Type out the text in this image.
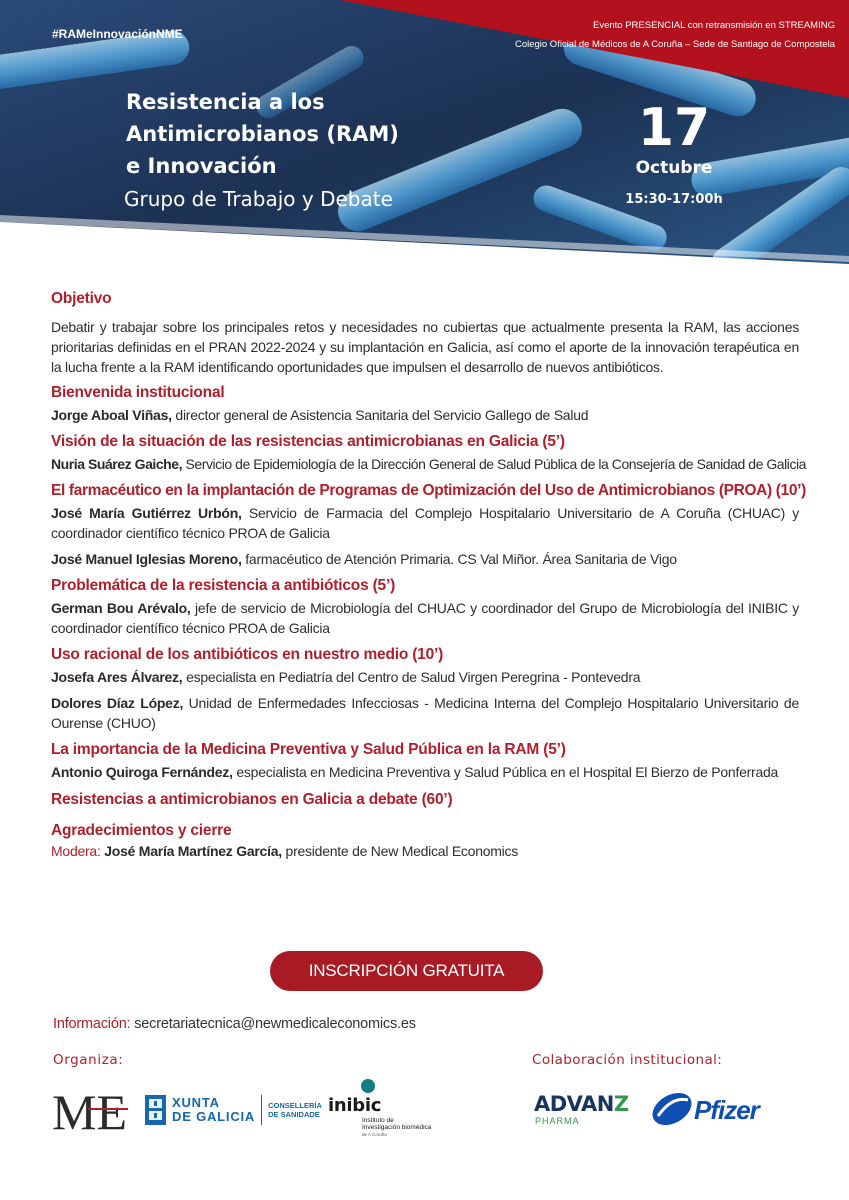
#RAMeInnovaciónNME
Evento PRESENCIAL con retransmisión en STREAMING
Colegio Oficial de Médicos de A Coruña – Sede de Santiago de Compostela
Resistencia a los
Antimicrobianos (RAM)
e Innovación
Grupo de Trabajo y Debate
17
Octubre
15:30-17:00h
Objetivo
Debatir y trabajar sobre los principales retos y necesidades no cubiertas que actualmente presenta la RAM, las acciones prioritarias definidas en el PRAN 2022-2024 y su implantación en Galicia, así como el aporte de la innovación terapéutica en la lucha frente a la RAM identificando oportunidades que impulsen el desarrollo de nuevos antibióticos.
Bienvenida institucional
Jorge Aboal Viñas, director general de Asistencia Sanitaria del Servicio Gallego de Salud
Visión de la situación de las resistencias antimicrobianas en Galicia (5’)
Nuria Suárez Gaiche, Servicio de Epidemiología de la Dirección General de Salud Pública de la Consejería de Sanidad de Galicia
El farmacéutico en la implantación de Programas de Optimización del Uso de Antimicrobianos (PROA) (10’)
José María Gutiérrez Urbón, Servicio de Farmacia del Complejo Hospitalario Universitario de A Coruña (CHUAC) y coordinador científico técnico PROA de Galicia
José Manuel Iglesias Moreno, farmacéutico de Atención Primaria. CS Val Miñor. Área Sanitaria de Vigo
Problemática de la resistencia a antibióticos (5’)
German Bou Arévalo, jefe de servicio de Microbiología del CHUAC y coordinador del Grupo de Microbiología del INIBIC y coordinador científico técnico PROA de Galicia
Uso racional de los antibióticos en nuestro medio (10’)
Josefa Ares Álvarez, especialista en Pediatría del Centro de Salud Virgen Peregrina - Pontevedra
Dolores Díaz López, Unidad de Enfermedades Infecciosas - Medicina Interna del Complejo Hospitalario Universitario de Ourense (CHUO)
La importancia de la Medicina Preventiva y Salud Pública en la RAM (5’)
Antonio Quiroga Fernández, especialista en Medicina Preventiva y Salud Pública en el Hospital El Bierzo de Ponferrada
Resistencias a antimicrobianos en Galicia a debate (60’)
Agradecimientos y cierre
Modera: José María Martínez García, presidente de New Medical Economics
INSCRIPCIÓN GRATUITA
Información: secretariatecnica@newmedicaleconomics.es
Organiza:	Colaboración institucional:
ME	XUNTA
DE GALICIA
CONSELLERÍA
DE SANIDADE inibic
Instituto de
Investigación biomédica
de A Coruña
ADVANZ
PHARMA	Pfizer
